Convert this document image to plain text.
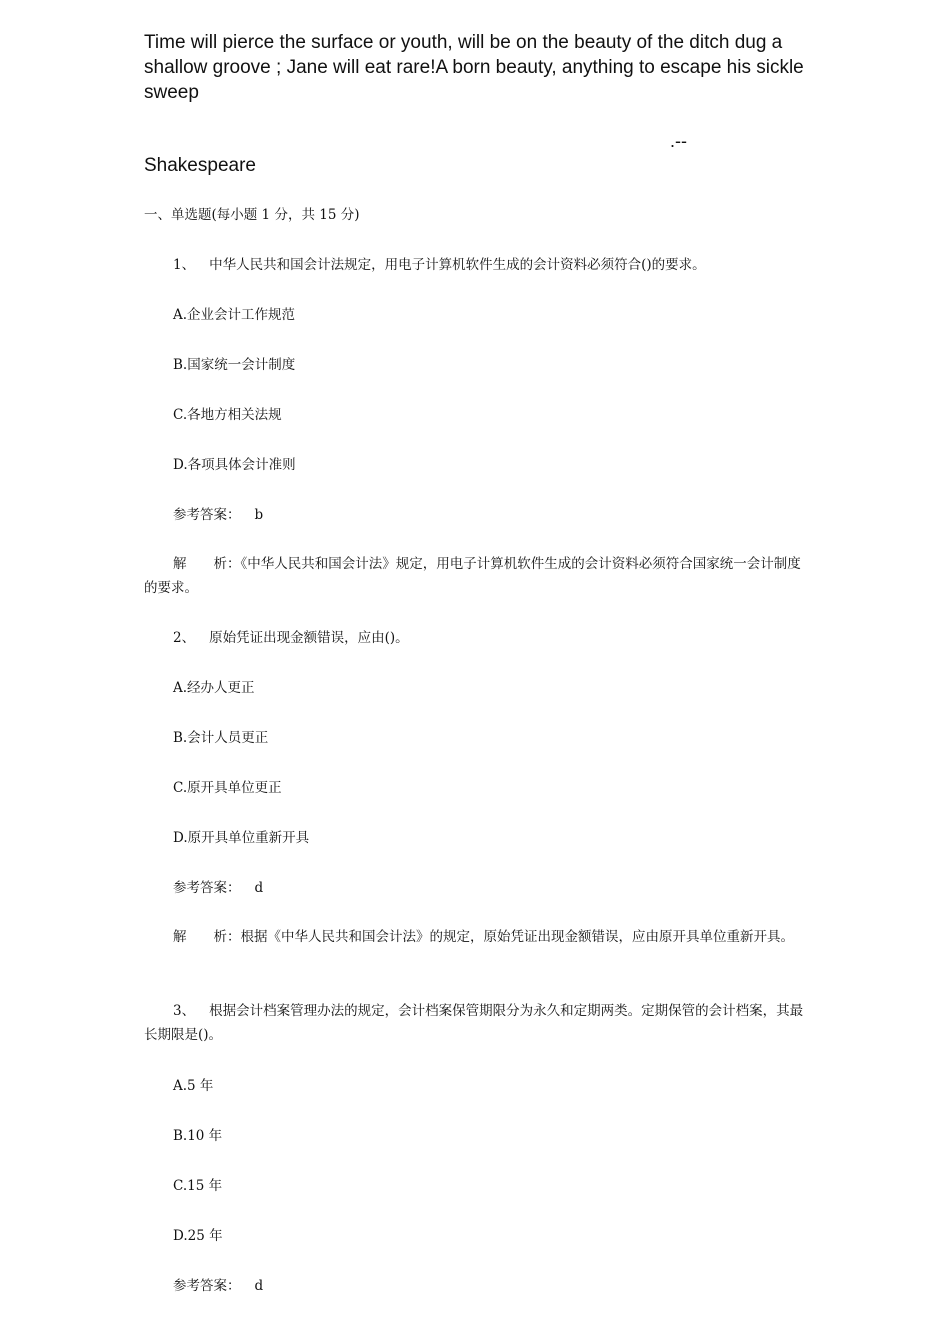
Time will pierce the surface or youth, will be on the beauty of the ditch dug a shallow groove ; Jane will eat rare!A born beauty, anything to escape his sickle sweep
.--
Shakespeare
一、单选题(每小题 1 分，共 15 分)
1、 中华人民共和国会计法规定，用电子计算机软件生成的会计资料必须符合()的要求。
A.企业会计工作规范
B.国家统一会计制度
C.各地方相关法规
D.各项具体会计准则
参考答案： b
解　　析：《中华人民共和国会计法》规定，用电子计算机软件生成的会计资料必须符合国家统一会计制度的要求。
2、 原始凭证出现金额错误，应由()。
A.经办人更正
B.会计人员更正
C.原开具单位更正
D.原开具单位重新开具
参考答案： d
解　　析：根据《中华人民共和国会计法》的规定，原始凭证出现金额错误，应由原开具单位重新开具。
3、 根据会计档案管理办法的规定，会计档案保管期限分为永久和定期两类。定期保管的会计档案，其最长期限是()。
A.5 年
B.10 年
C.15 年
D.25 年
参考答案： d
